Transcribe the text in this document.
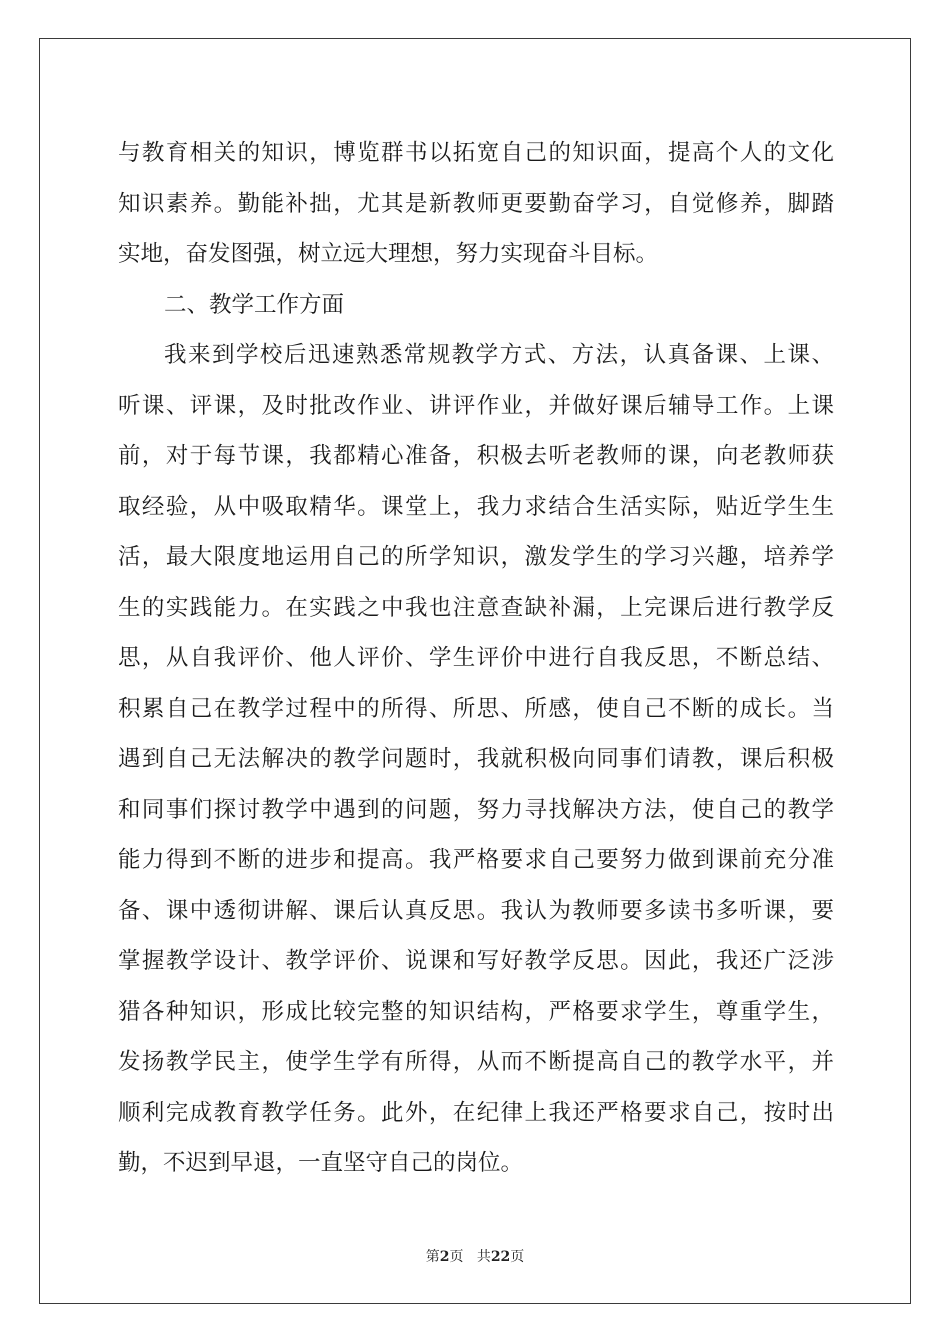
与教育相关的知识，博览群书以拓宽自己的知识面，提高个人的文化
知识素养。勤能补拙，尤其是新教师更要勤奋学习，自觉修养，脚踏
实地，奋发图强，树立远大理想，努力实现奋斗目标。
二、教学工作方面
我来到学校后迅速熟悉常规教学方式、方法，认真备课、上课、
听课、评课，及时批改作业、讲评作业，并做好课后辅导工作。上课
前，对于每节课，我都精心准备，积极去听老教师的课，向老教师获
取经验，从中吸取精华。课堂上，我力求结合生活实际，贴近学生生
活，最大限度地运用自己的所学知识，激发学生的学习兴趣，培养学
生的实践能力。在实践之中我也注意查缺补漏，上完课后进行教学反
思，从自我评价、他人评价、学生评价中进行自我反思，不断总结、
积累自己在教学过程中的所得、所思、所感，使自己不断的成长。当
遇到自己无法解决的教学问题时，我就积极向同事们请教，课后积极
和同事们探讨教学中遇到的问题，努力寻找解决方法，使自己的教学
能力得到不断的进步和提高。我严格要求自己要努力做到课前充分准
备、课中透彻讲解、课后认真反思。我认为教师要多读书多听课，要
掌握教学设计、教学评价、说课和写好教学反思。因此，我还广泛涉
猎各种知识，形成比较完整的知识结构，严格要求学生，尊重学生，
发扬教学民主，使学生学有所得，从而不断提高自己的教学水平，并
顺利完成教育教学任务。此外，在纪律上我还严格要求自己，按时出
勤，不迟到早退，一直坚守自己的岗位。
第2页 共22页
